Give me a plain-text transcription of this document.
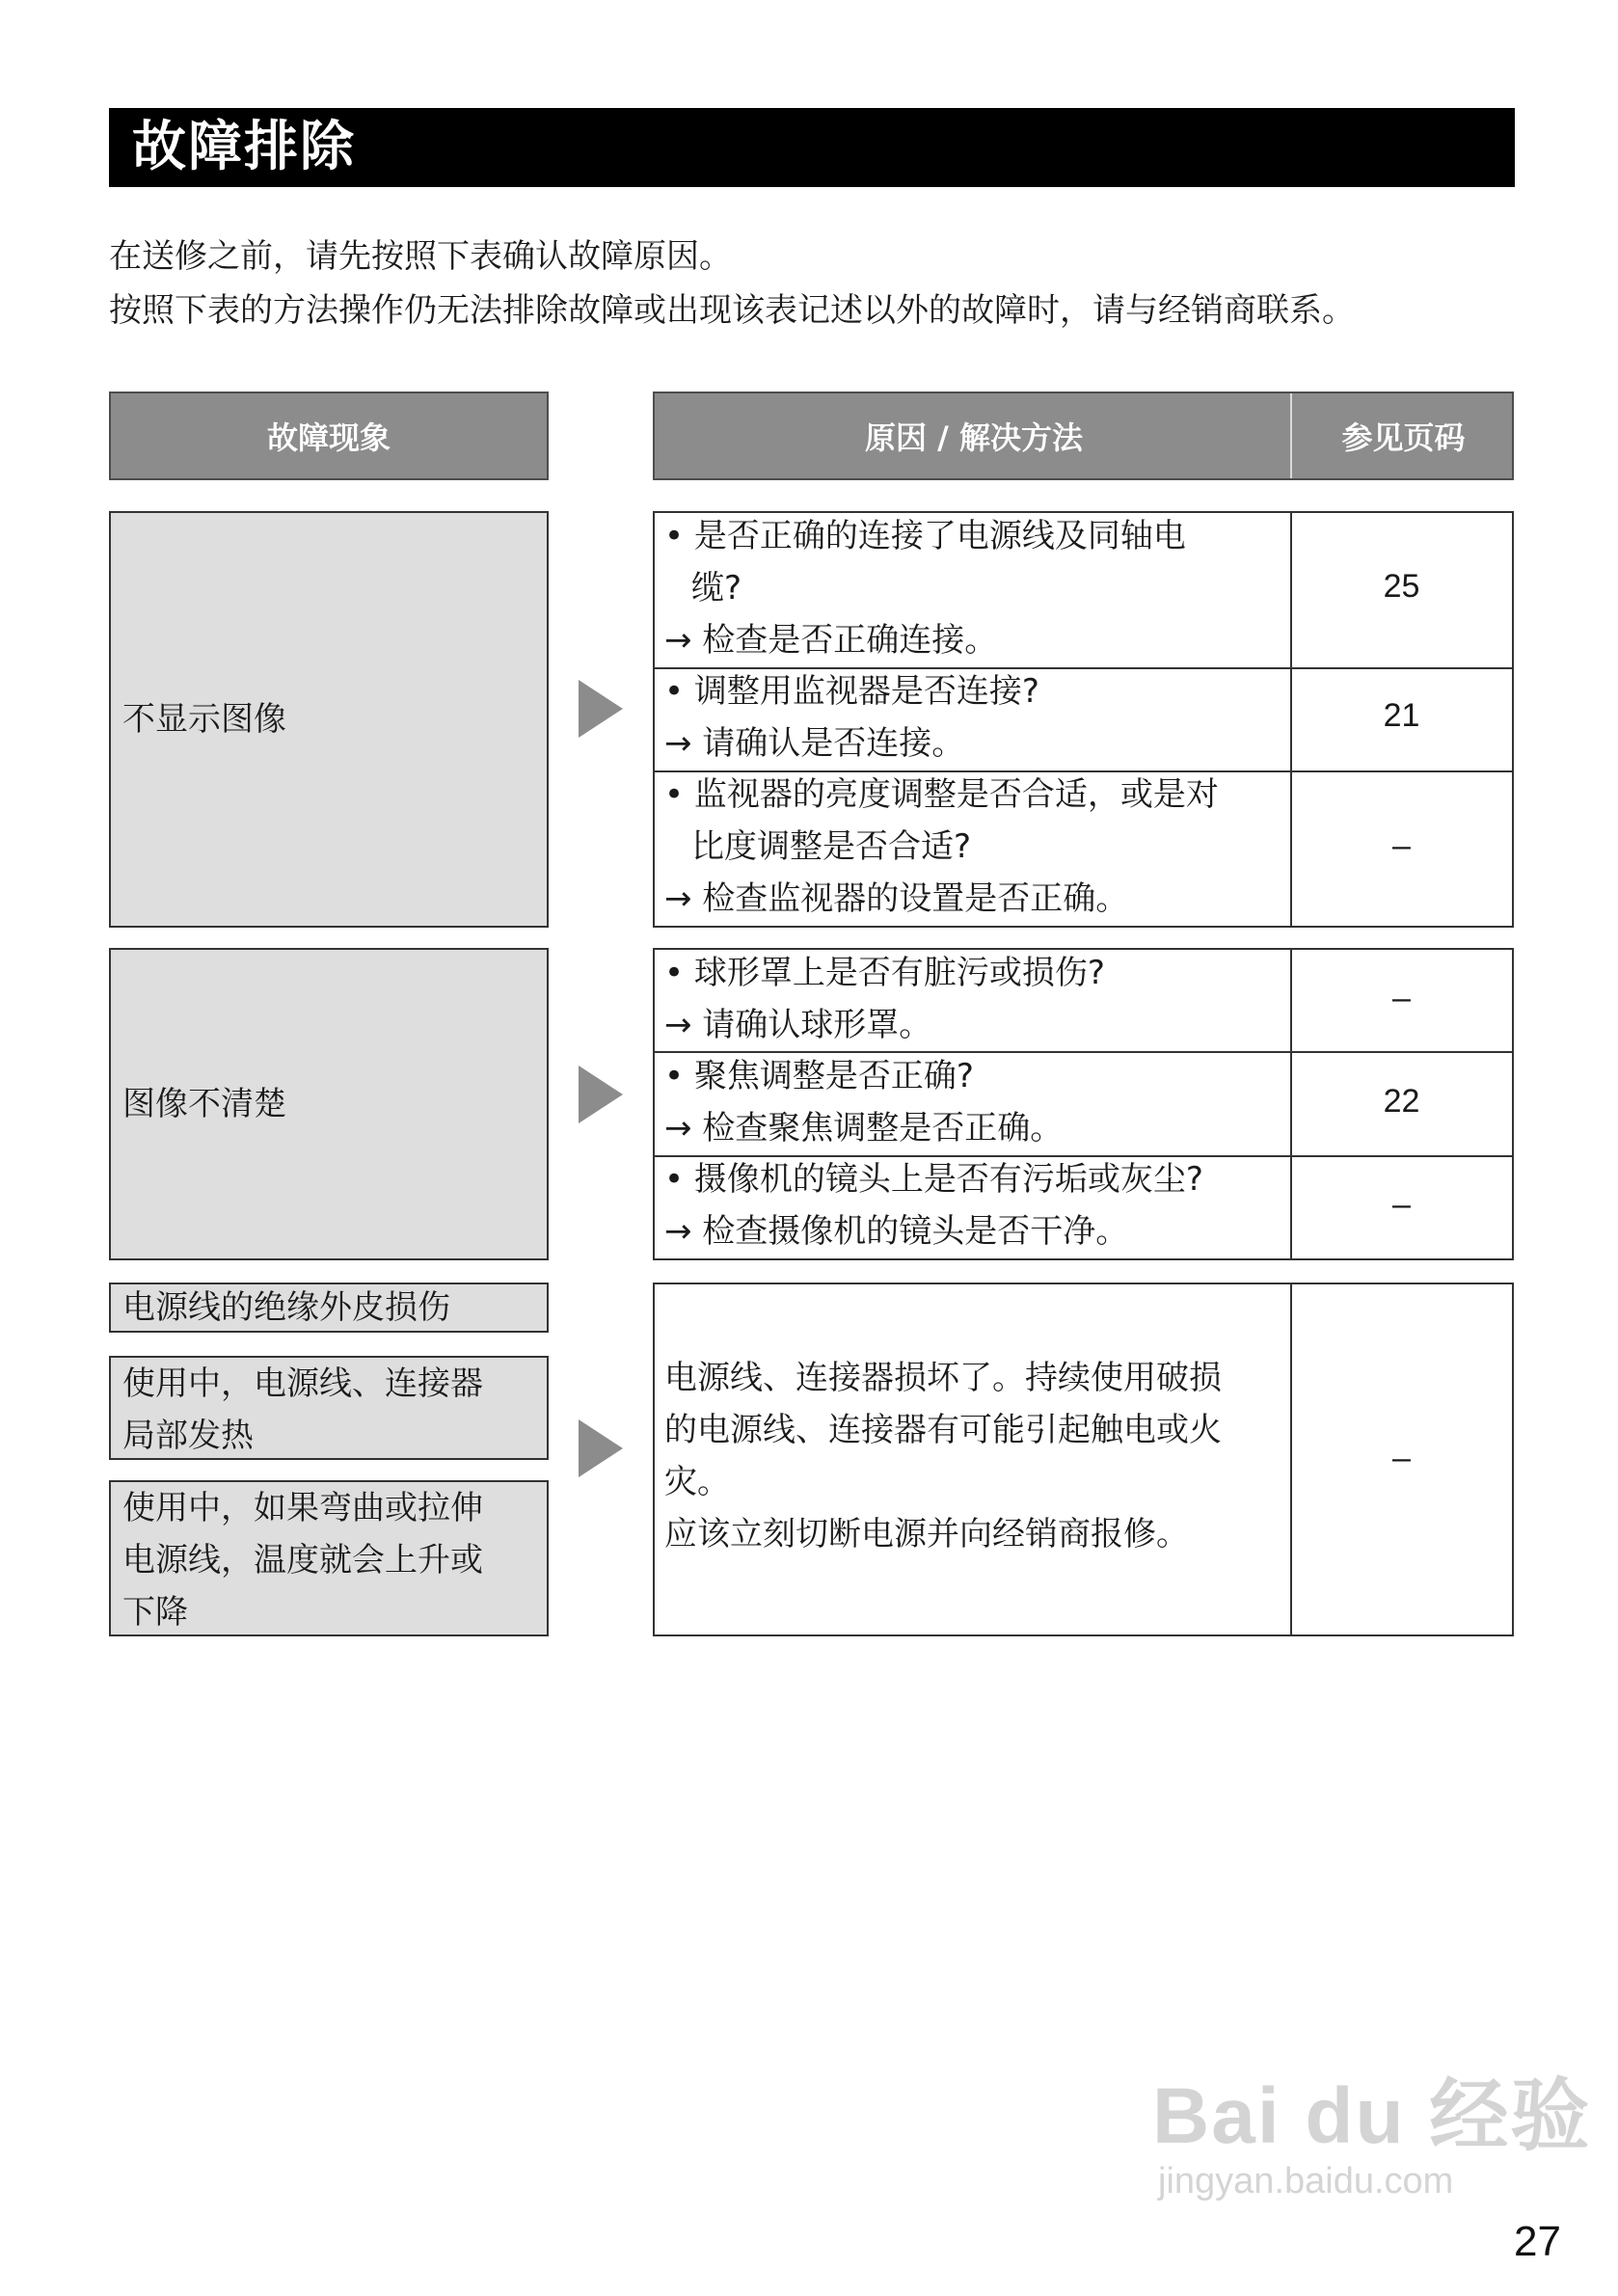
故障排除
在送修之前，请先按照下表确认故障原因。
按照下表的方法操作仍无法排除故障或出现该表记述以外的故障时，请与经销商联系。
故障现象	原因 / 解决方法	参见页码
不显示图像
• 是否正确的连接了电源线及同轴电
缆?
→ 检查是否正确连接。
25
• 调整用监视器是否连接?
→ 请确认是否连接。
21
• 监视器的亮度调整是否合适，或是对
比度调整是否合适?
→ 检查监视器的设置是否正确。
–
图像不清楚
• 球形罩上是否有脏污或损伤?
→ 请确认球形罩。
–
• 聚焦调整是否正确?
→ 检查聚焦调整是否正确。
22
• 摄像机的镜头上是否有污垢或灰尘?
→ 检查摄像机的镜头是否干净。
–
电源线的绝缘外皮损伤
使用中，电源线、连接器
局部发热
使用中，如果弯曲或拉伸
电源线，温度就会上升或
下降
电源线、连接器损坏了。持续使用破损
的电源线、连接器有可能引起触电或火
灾。
应该立刻切断电源并向经销商报修。
–
Bai du 经验
jingyan.baidu.com
27
